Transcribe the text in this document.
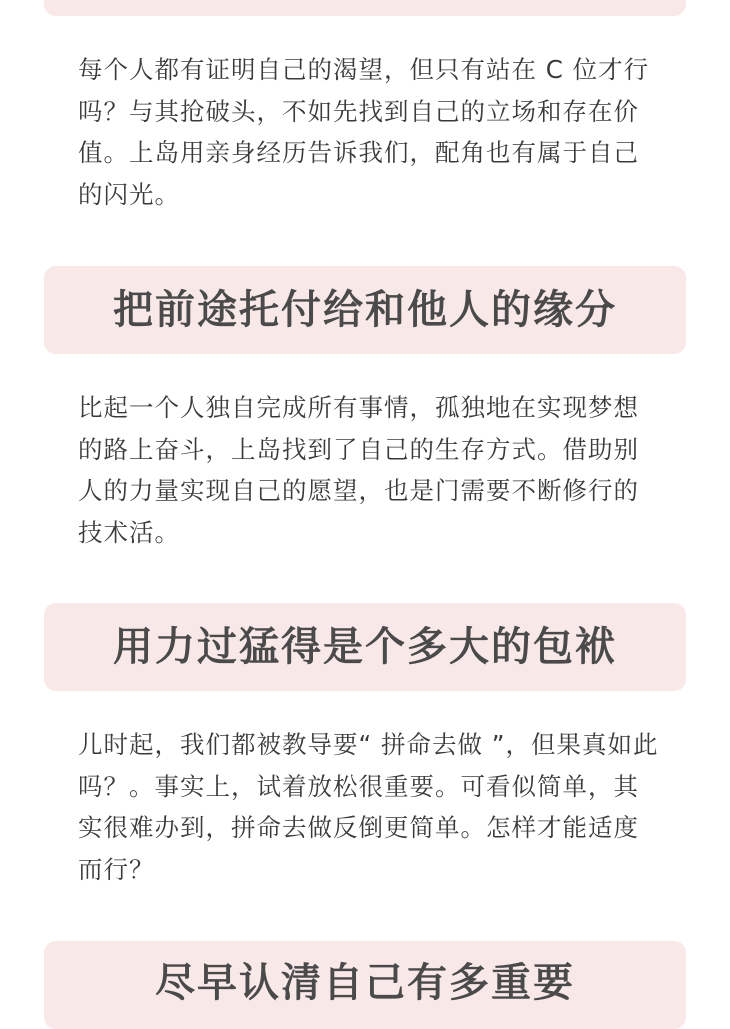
每个人都有证明自己的渴望，但只有站在 C 位才行吗？与其抢破头，不如先找到自己的立场和存在价值。上岛用亲身经历告诉我们，配角也有属于自己的闪光。

把前途托付给和他人的缘分

比起一个人独自完成所有事情，孤独地在实现梦想的路上奋斗，上岛找到了自己的生存方式。借助别人的力量实现自己的愿望，也是门需要不断修行的技术活。

用力过猛得是个多大的包袱

儿时起，我们都被教导要“ 拼命去做 ”，但果真如此吗？。事实上，试着放松很重要。可看似简单，其实很难办到，拼命去做反倒更简单。怎样才能适度而行？

尽早认清自己有多重要
